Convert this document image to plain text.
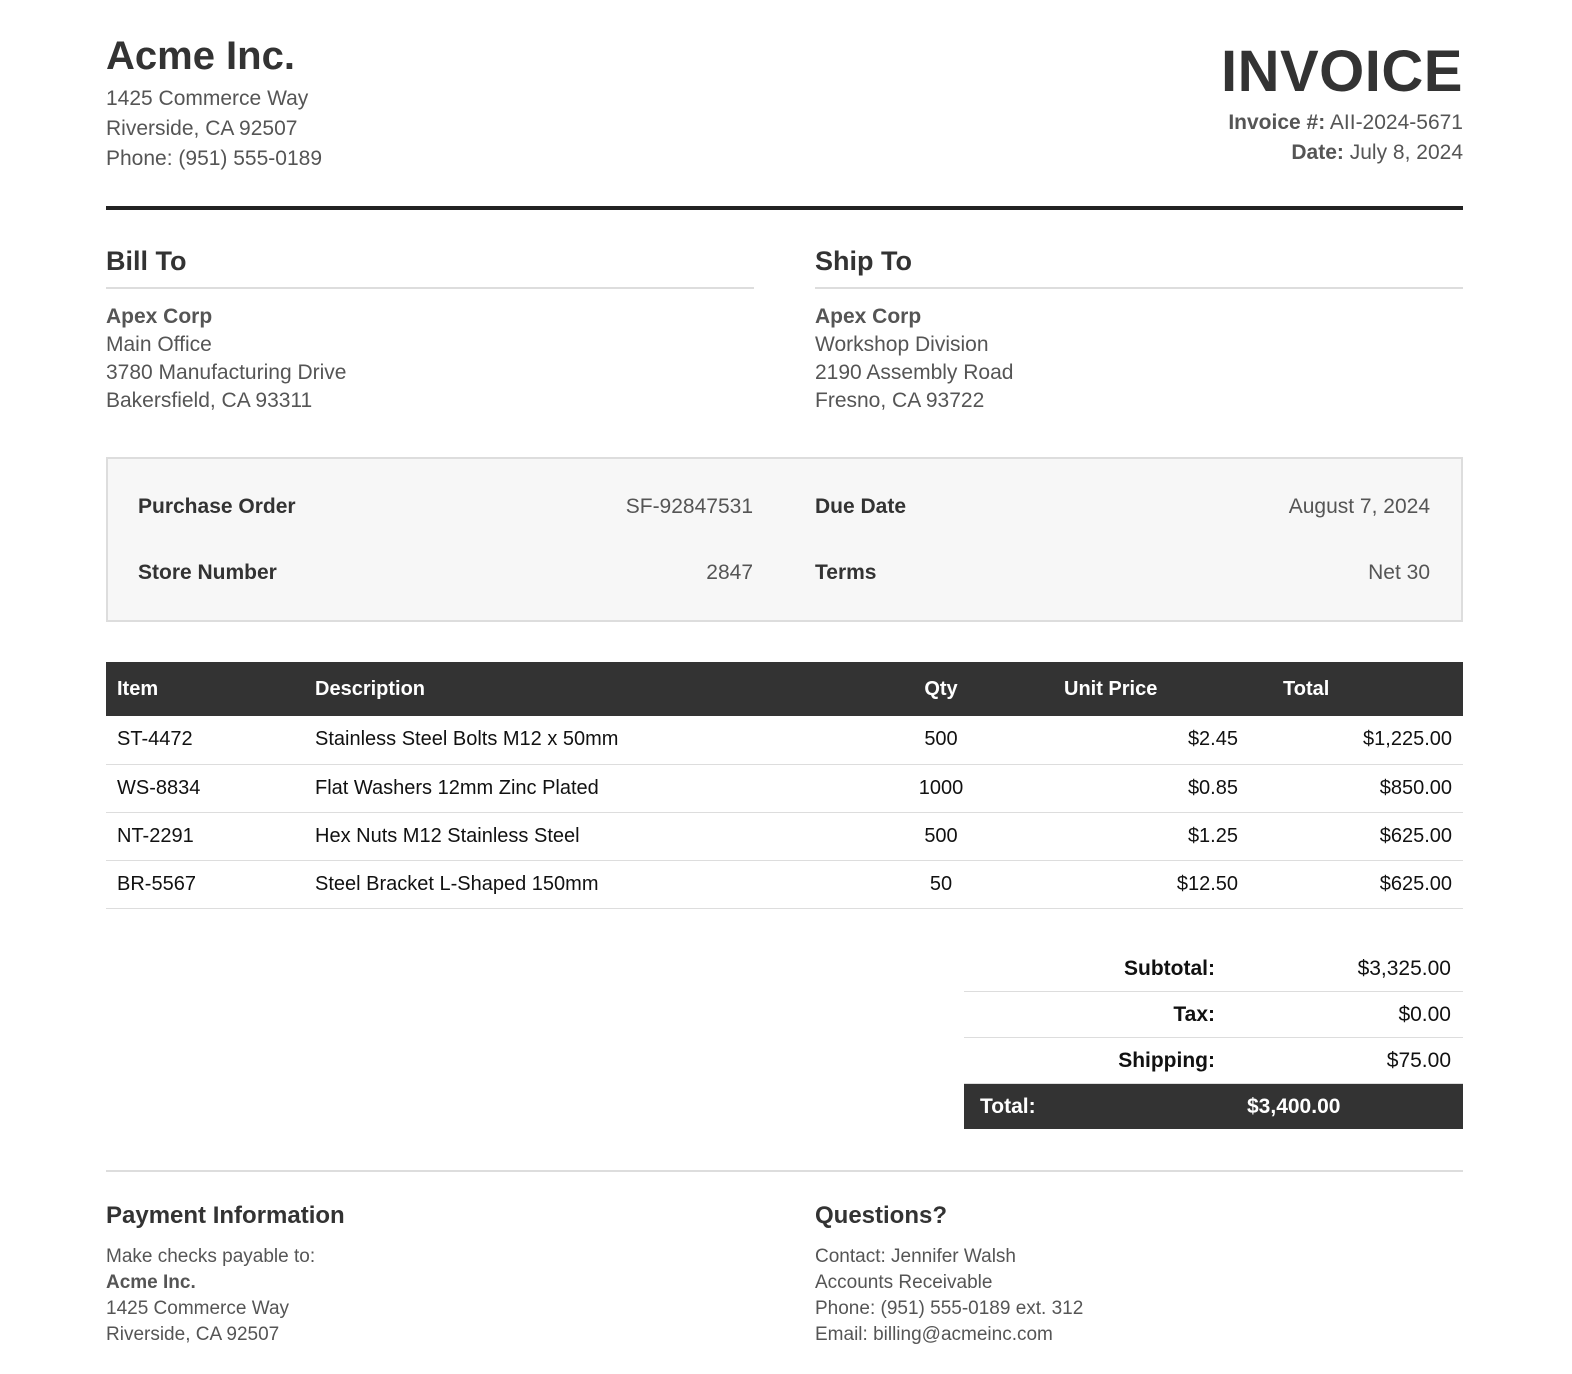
Acme Inc.
1425 Commerce Way
Riverside, CA 92507
Phone: (951) 555-0189
INVOICE
Invoice #: AII-2024-5671
Date: July 8, 2024
Bill To
Apex Corp
Main Office
3780 Manufacturing Drive
Bakersfield, CA 93311
Ship To
Apex Corp
Workshop Division
2190 Assembly Road
Fresno, CA 93722
Purchase Order	SF-92847531
Store Number	2847
Due Date	August 7, 2024
Terms	Net 30
Item	Description	Qty	Unit Price	Total
ST-4472	Stainless Steel Bolts M12 x 50mm	500	$2.45	$1,225.00
WS-8834	Flat Washers 12mm Zinc Plated	1000	$0.85	$850.00
NT-2291	Hex Nuts M12 Stainless Steel	500	$1.25	$625.00
BR-5567	Steel Bracket L-Shaped 150mm	50	$12.50	$625.00
Subtotal:	$3,325.00
Tax:	$0.00
Shipping:	$75.00
Total:	$3,400.00
Payment Information
Make checks payable to:
Acme Inc.
1425 Commerce Way
Riverside, CA 92507
Questions?
Contact: Jennifer Walsh
Accounts Receivable
Phone: (951) 555-0189 ext. 312
Email: billing@acmeinc.com
